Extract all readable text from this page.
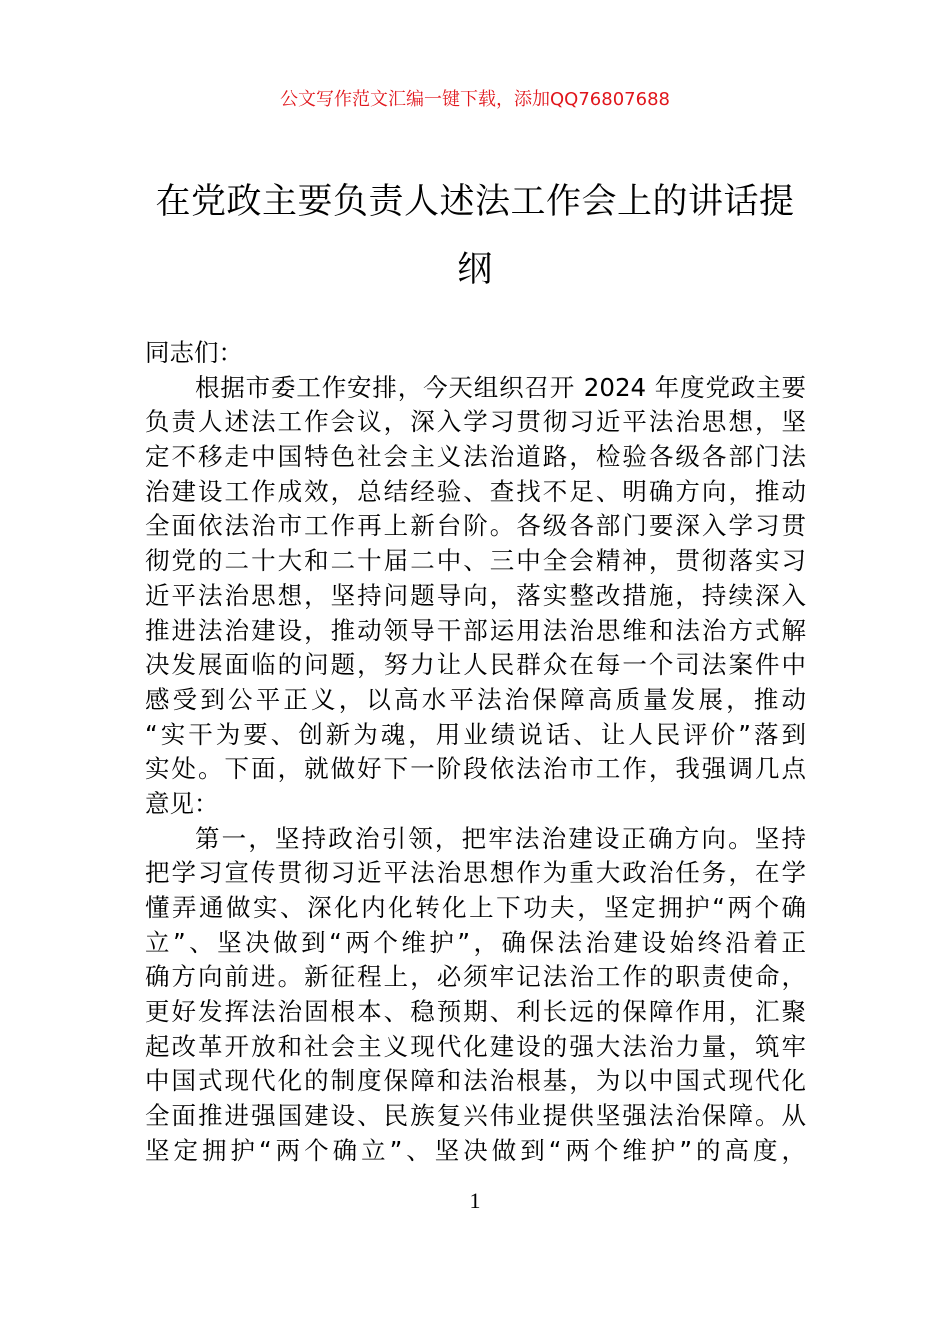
公文写作范文汇编一键下载，添加QQ76807688
在党政主要负责人述法工作会上的讲话提
纲
同志们：
根据市委工作安排，今天组织召开 2024 年度党政主要
负责人述法工作会议，深入学习贯彻习近平法治思想，坚
定不移走中国特色社会主义法治道路，检验各级各部门法
治建设工作成效，总结经验、查找不足、明确方向，推动
全面依法治市工作再上新台阶。各级各部门要深入学习贯
彻党的二十大和二十届二中、三中全会精神，贯彻落实习
近平法治思想，坚持问题导向，落实整改措施，持续深入
推进法治建设，推动领导干部运用法治思维和法治方式解
决发展面临的问题，努力让人民群众在每一个司法案件中
感受到公平正义，以高水平法治保障高质量发展，推动
“实干为要、创新为魂，用业绩说话、让人民评价”落到
实处。下面，就做好下一阶段依法治市工作，我强调几点
意见：
第一，坚持政治引领，把牢法治建设正确方向。坚持
把学习宣传贯彻习近平法治思想作为重大政治任务，在学
懂弄通做实、深化内化转化上下功夫，坚定拥护“两个确
立”、坚决做到“两个维护”，确保法治建设始终沿着正
确方向前进。新征程上，必须牢记法治工作的职责使命，
更好发挥法治固根本、稳预期、利长远的保障作用，汇聚
起改革开放和社会主义现代化建设的强大法治力量，筑牢
中国式现代化的制度保障和法治根基，为以中国式现代化
全面推进强国建设、民族复兴伟业提供坚强法治保障。从
坚定拥护“两个确立”、坚决做到“两个维护”的高度，
1
